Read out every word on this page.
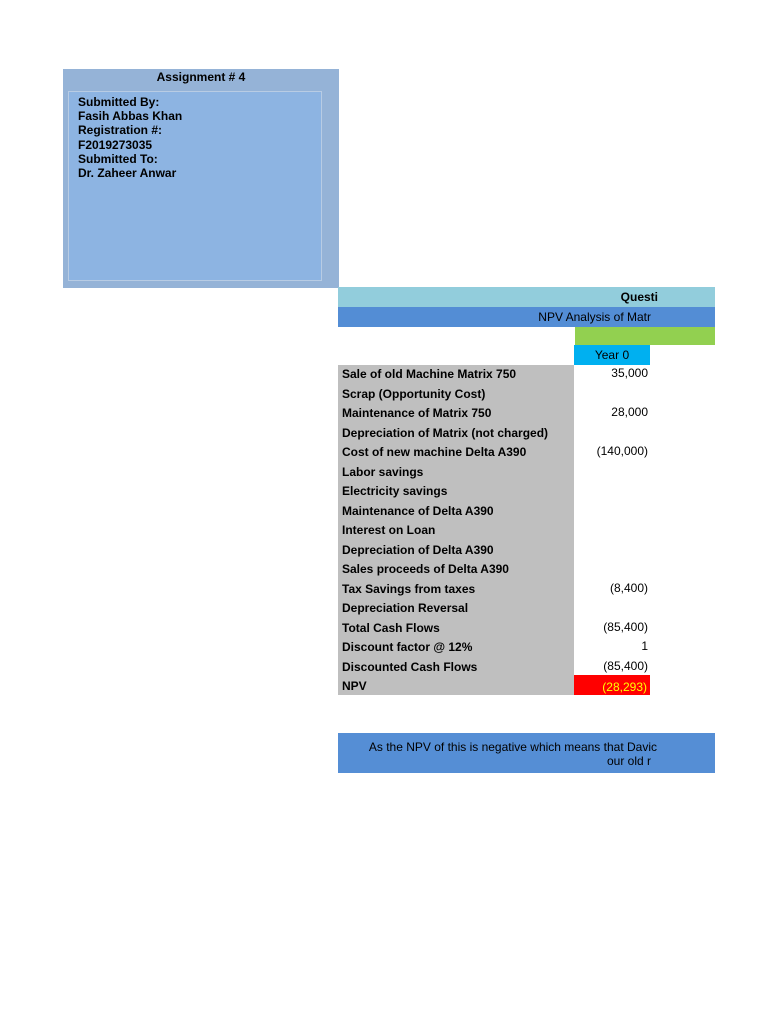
Assignment # 4
Submitted By:
Fasih Abbas Khan
Registration #:
F2019273035
Submitted To:
Dr. Zaheer Anwar
Questi
NPV Analysis of Matr
Year 0
Sale of old Machine Matrix 750	35,000
Scrap (Opportunity Cost)
Maintenance of Matrix 750	28,000
Depreciation of Matrix (not charged)
Cost of new machine Delta A390	(140,000)
Labor savings
Electricity savings
Maintenance of Delta A390
Interest on Loan
Depreciation of Delta A390
Sales proceeds of Delta A390
Tax Savings from taxes	(8,400)
Depreciation Reversal
Total Cash Flows	(85,400)
Discount factor @ 12%	1
Discounted Cash Flows	(85,400)
NPV	(28,293)
As the NPV of this is negative which means that Davic
our old r
